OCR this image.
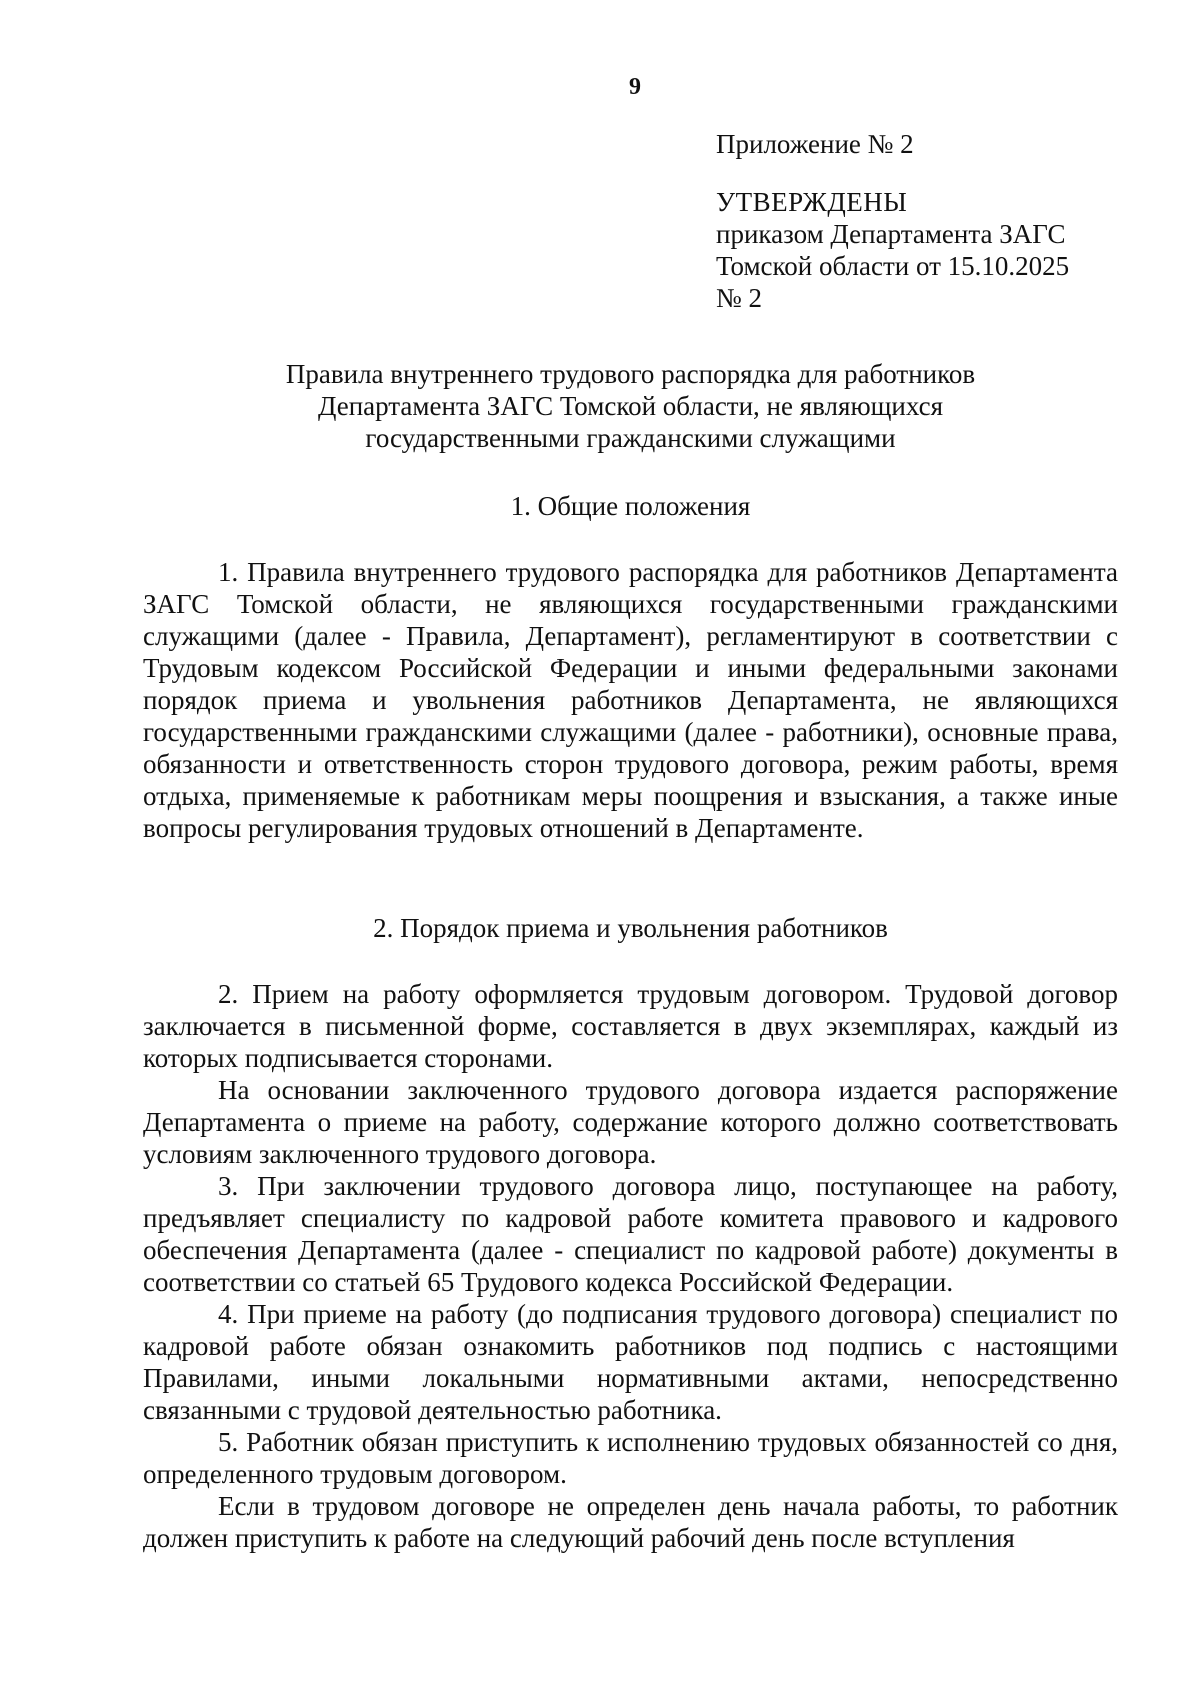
9
Приложение № 2
УТВЕРЖДЕНЫ
приказом Департамента ЗАГС
Томской области от 15.10.2025
№ 2
Правила внутреннего трудового распорядка для работников
Департамента ЗАГС Томской области, не являющихся
государственными гражданскими служащими
1. Общие положения

1. Правила внутреннего трудового распорядка для работников Департамента ЗАГС Томской области, не являющихся государственными гражданскими служащими (далее - Правила, Департамент), регламентируют в соответствии с Трудовым кодексом Российской Федерации и иными федеральными законами порядок приема и увольнения работников Департамента, не являющихся государственными гражданскими служащими (далее - работники), основные права, обязанности и ответственность сторон трудового договора, режим работы, время отдыха, применяемые к работникам меры поощрения и взыскания, а также иные вопросы регулирования трудовых отношений в Департаменте.

2. Порядок приема и увольнения работников

2. Прием на работу оформляется трудовым договором. Трудовой договор заключается в письменной форме, составляется в двух экземплярах, каждый из которых подписывается сторонами.

На основании заключенного трудового договора издается распоряжение Департамента о приеме на работу, содержание которого должно соответствовать условиям заключенного трудового договора.

3. При заключении трудового договора лицо, поступающее на работу, предъявляет специалисту по кадровой работе комитета правового и кадрового обеспечения Департамента (далее - специалист по кадровой работе) документы в соответствии со статьей 65 Трудового кодекса Российской Федерации.

4. При приеме на работу (до подписания трудового договора) специалист по кадровой работе обязан ознакомить работников под подпись с настоящими Правилами, иными локальными нормативными актами, непосредственно связанными с трудовой деятельностью работника.

5. Работник обязан приступить к исполнению трудовых обязанностей со дня, определенного трудовым договором.

Если в трудовом договоре не определен день начала работы, то работник должен приступить к работе на следующий рабочий день после вступления
